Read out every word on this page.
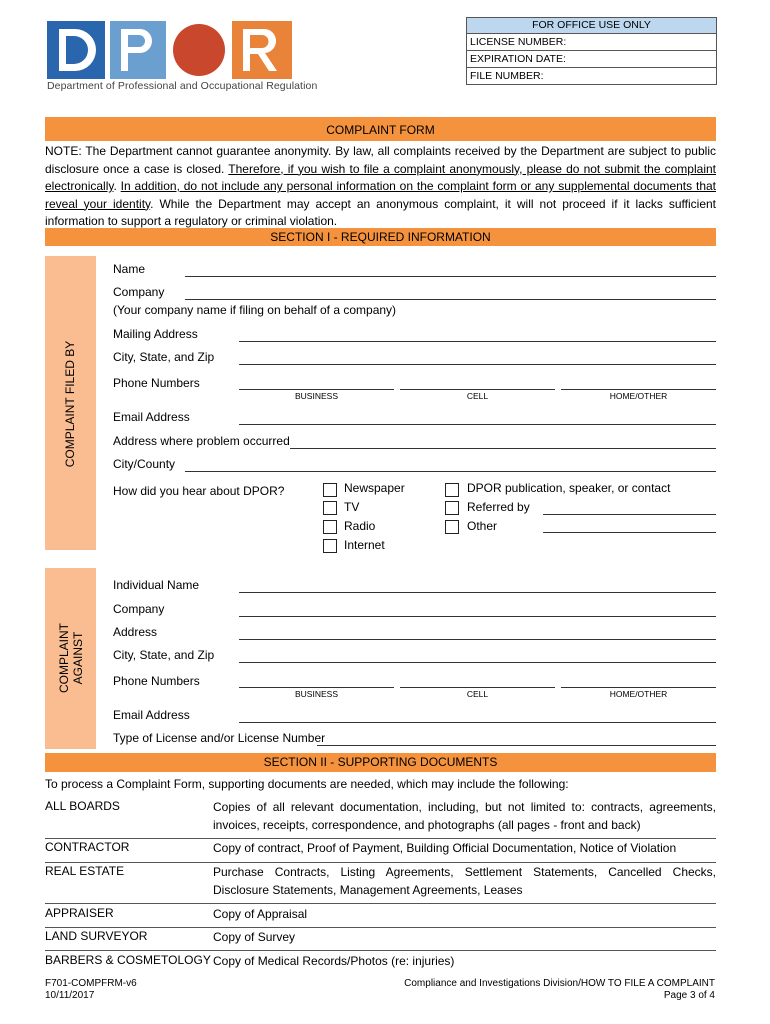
Department of Professional and Occupational Regulation
FOR OFFICE USE ONLY
LICENSE NUMBER:
EXPIRATION DATE:
FILE NUMBER:
COMPLAINT FORM
NOTE: The Department cannot guarantee anonymity. By law, all complaints received by the Department are subject to public disclosure once a case is closed. Therefore, if you wish to file a complaint anonymously, please do not submit the complaint electronically. In addition, do not include any personal information on the complaint form or any supplemental documents that reveal your identity. While the Department may accept an anonymous complaint, it will not proceed if it lacks sufficient information to support a regulatory or criminal violation.
SECTION I - REQUIRED INFORMATION
COMPLAINT FILED BY
Name
Company
(Your company name if filing on behalf of a company)
Mailing Address
City, State, and Zip
Phone Numbers
BUSINESS	CELL	HOME/OTHER
Email Address
Address where problem occurred
City/County
How did you hear about DPOR?	Newspaper
TV
Radio
Internet
DPOR publication, speaker, or contact
Referred by
Other
COMPLAINT AGAINST
Individual Name
Company
Address
City, State, and Zip
Phone Numbers
BUSINESS	CELL	HOME/OTHER
Email Address
Type of License and/or License Number
SECTION II - SUPPORTING DOCUMENTS
To process a Complaint Form, supporting documents are needed, which may include the following:
ALL BOARDS	Copies of all relevant documentation, including, but not limited to: contracts, agreements, invoices, receipts, correspondence, and photographs (all pages - front and back)
CONTRACTOR	Copy of contract, Proof of Payment, Building Official Documentation, Notice of Violation
REAL ESTATE	Purchase Contracts, Listing Agreements, Settlement Statements, Cancelled Checks, Disclosure Statements, Management Agreements, Leases
APPRAISER	Copy of Appraisal
LAND SURVEYOR	Copy of Survey
BARBERS & COSMETOLOGY Copy of Medical Records/Photos (re: injuries)
F701-COMPFRM-v6
10/11/2017
Compliance and Investigations Division/HOW TO FILE A COMPLAINT
Page 3 of 4
